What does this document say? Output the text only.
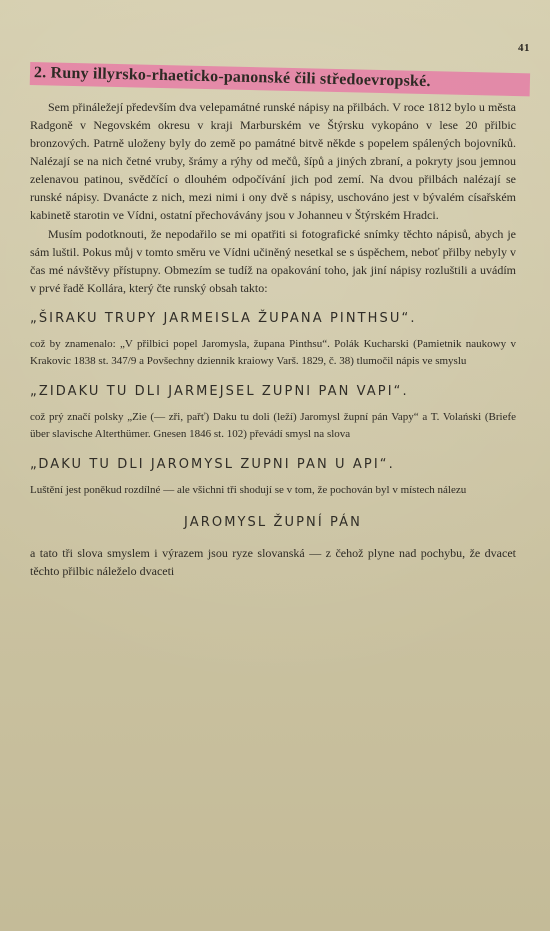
41
2. Runy illyrsko-rhaeticko-panonské čili středoevropské.

Sem přináležejí především dva velepamátné runské nápisy na přilbách. V roce 1812 bylo u města Radgoně v Negovském okresu v kraji Marburském ve Štýrsku vykopáno v lese 20 přilbic bronzových. Patrně uloženy byly do země po památné bitvě někde s popelem spálených bojovníků. Nalézají se na nich četné vruby, šrámy a rýhy od mečů, šípů a jiných zbraní, a pokryty jsou jemnou zelenavou patinou, svědčící o dlouhém odpočívání jich pod zemí. Na dvou přilbách nalézají se runské nápisy. Dvanácte z nich, mezi nimi i ony dvě s nápisy, uschováno jest v bývalém císařském kabinetě starotin ve Vídni, ostatní přechovávány jsou v Johanneu v Štýrském Hradci.

Musím podotknouti, že nepodařilo se mi opatřiti si fotografické snímky těchto nápisů, abych je sám luštil. Pokus můj v tomto směru ve Vídni učiněný nesetkal se s úspěchem, neboť přilby nebyly v čas mé návštěvy přístupny. Obmezím se tudíž na opakování toho, jak jiní nápisy rozluštili a uvádím v prvé řadě Kollára, který čte runský obsah takto:

„ŠIRAKU TRUPY JARMEISLA ŽUPANA PINTHSU“.
což by znamenalo: „V přilbici popel Jaromysla, župana Pinthsu“. Polák Kucharski (Pamietnik naukowy v Krakovic 1838 st. 347/9 a Povšechny dziennik kraiowy Varš. 1829, č. 38) tlumočil nápis ve smyslu
„ZIDAKU TU DLI JARMEJSEL ZUPNI PAN VAPI“.
což prý značí polsky „Zie (— zři, pařť) Daku tu doli (leží) Jaromysl župní pán Vapy“ a T. Volański (Briefe über slavische Alterthümer. Gnesen 1846 st. 102) převádí smysl na slova
„DAKU TU DLI JAROMYSL ZUPNI PAN U API“.
Luštění jest poněkud rozdílné — ale všichni tři shodují se v tom, že pochován byl v místech nálezu
JAROMYSL ŽUPNÍ PÁN

a tato tři slova smyslem i výrazem jsou ryze slovanská — z čehož plyne nad pochybu, že dvacet těchto přilbic náleželo dvaceti
